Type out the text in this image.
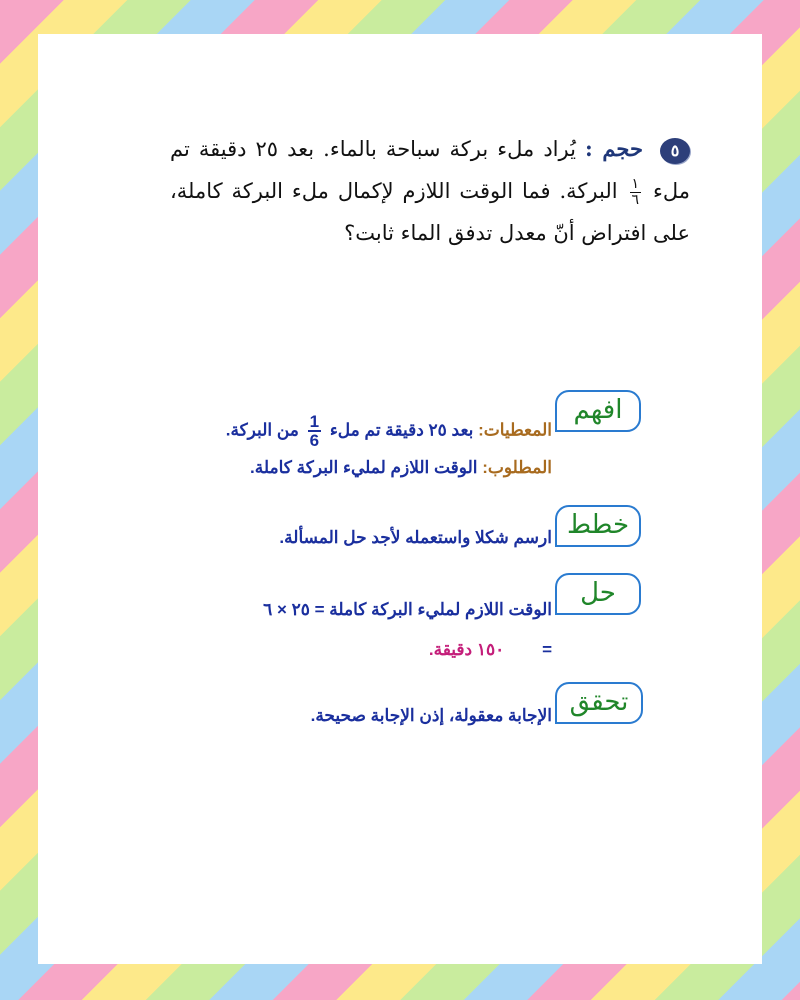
٥ حجم : يُراد ملء بركة سباحة بالماء. بعد ٢٥ دقيقة تم ملء
$\frac{١}{٦}$
البركة. فما الوقت اللازم لإكمال ملء البركة كاملة، على افتراض أنّ معدل تدفق الماء ثابت؟
افهم
المعطيات: بعد ٢٥ دقيقة تم ملء
$\frac{1}{6}$
من البركة.
المطلوب: الوقت اللازم لمليء البركة كاملة.
خطط
ارسم شكلا واستعمله لأجد حل المسألة.
حل
الوقت اللازم لمليء البركة كاملة = ٢٥ × ٦
=        ١٥٠ دقيقة.
تحقق
الإجابة معقولة، إذن الإجابة صحيحة.
